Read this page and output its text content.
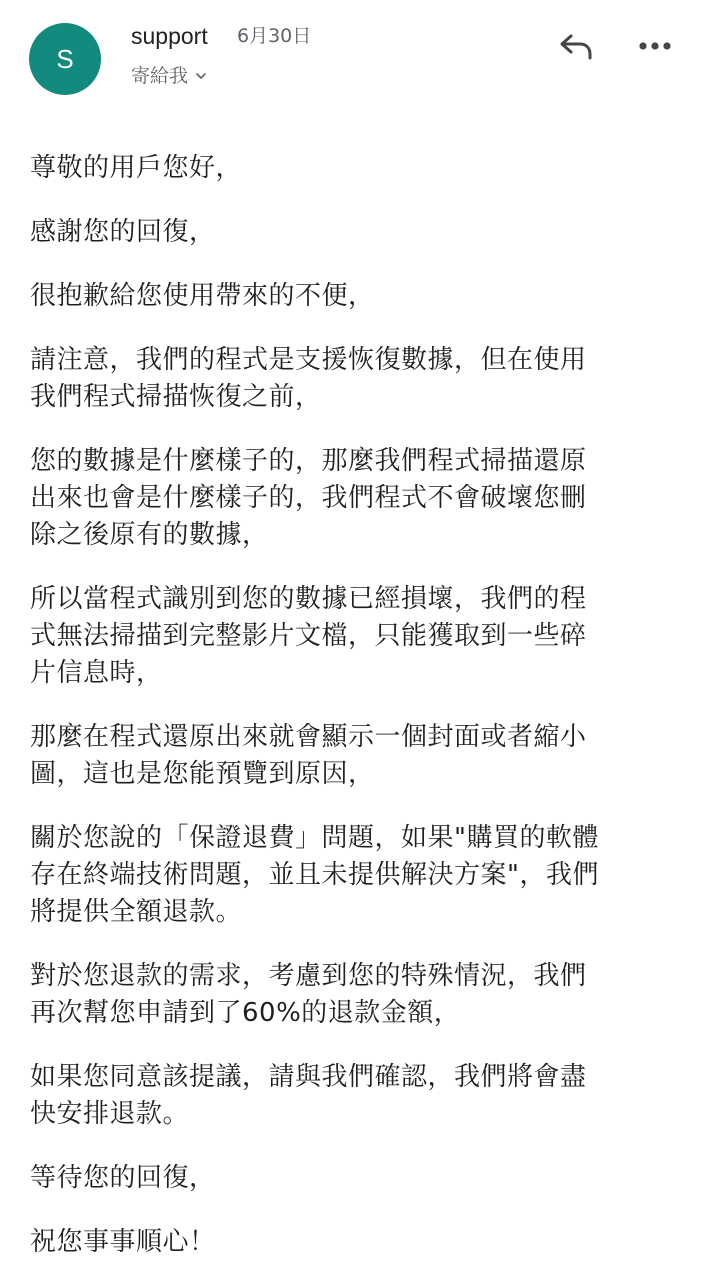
S
support 6月30日
寄給我

尊敬的用戶您好，

感謝您的回復，

很抱歉給您使用帶來的不便，

請注意，我們的程式是支援恢復數據，但在使用
我們程式掃描恢復之前，

您的數據是什麼樣子的，那麼我們程式掃描還原
出來也會是什麼樣子的，我們程式不會破壞您刪
除之後原有的數據，

所以當程式識別到您的數據已經損壞，我們的程
式無法掃描到完整影片文檔，只能獲取到一些碎
片信息時，

那麼在程式還原出來就會顯示一個封面或者縮小
圖，這也是您能預覽到原因，

關於您說的「保證退費」問題，如果"購買的軟體
存在終端技術問題，並且未提供解決方案"，我們
將提供全額退款。

對於您退款的需求，考慮到您的特殊情況，我們
再次幫您申請到了60%的退款金額，

如果您同意該提議，請與我們確認，我們將會盡
快安排退款。

等待您的回復，

祝您事事順心！
